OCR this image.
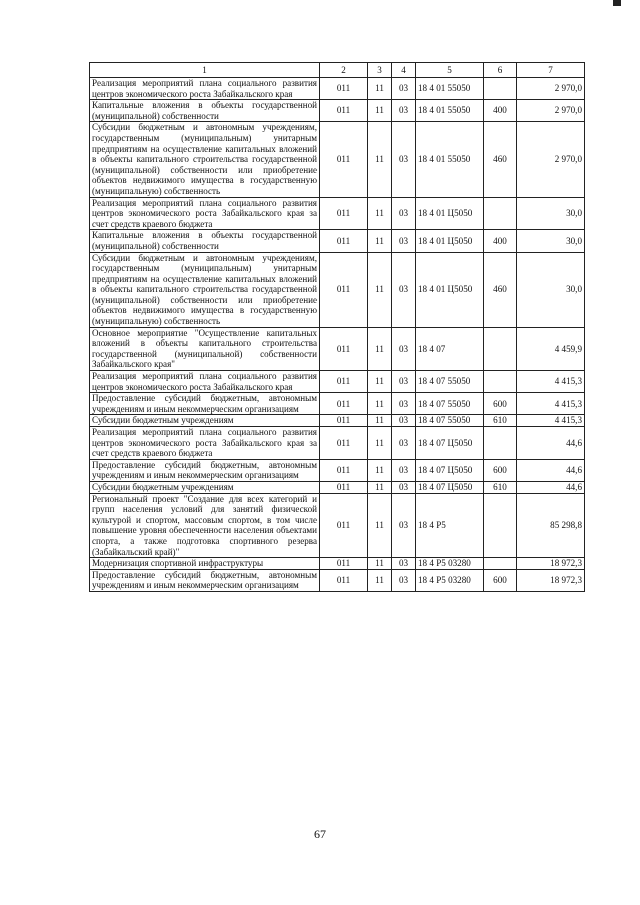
1	2	3	4	5	6	7
Реализация мероприятий плана социального развития центров экономического роста Забайкальского края	011	11	03	18 4 01 55050		2 970,0
Капитальные вложения в объекты государственной (муниципальной) собственности	011	11	03	18 4 01 55050	400	2 970,0
Субсидии бюджетным и автономным учреждениям, государственным (муниципальным) унитарным предприятиям на осуществление капитальных вложений в объекты капитального строительства государственной (муниципальной) собственности или приобретение объектов недвижимого имущества в государственную (муниципальную) собственность	011	11	03	18 4 01 55050	460	2 970,0
Реализация мероприятий плана социального развития центров экономического роста Забайкальского края за счет средств краевого бюджета	011	11	03	18 4 01 Ц5050		30,0
Капитальные вложения в объекты государственной (муниципальной) собственности	011	11	03	18 4 01 Ц5050	400	30,0
Субсидии бюджетным и автономным учреждениям, государственным (муниципальным) унитарным предприятиям на осуществление капитальных вложений в объекты капитального строительства государственной (муниципальной) собственности или приобретение объектов недвижимого имущества в государственную (муниципальную) собственность	011	11	03	18 4 01 Ц5050	460	30,0
Основное мероприятие "Осуществление капитальных вложений в объекты капитального строительства государственной (муниципальной) собственности Забайкальского края"	011	11	03	18 4 07		4 459,9
Реализация мероприятий плана социального развития центров экономического роста Забайкальского края	011	11	03	18 4 07 55050		4 415,3
Предоставление субсидий бюджетным, автономным учреждениям и иным некоммерческим организациям	011	11	03	18 4 07 55050	600	4 415,3
Субсидии бюджетным учреждениям	011	11	03	18 4 07 55050	610	4 415,3
Реализация мероприятий плана социального развития центров экономического роста Забайкальского края за счет средств краевого бюджета	011	11	03	18 4 07 Ц5050		44,6
Предоставление субсидий бюджетным, автономным учреждениям и иным некоммерческим организациям	011	11	03	18 4 07 Ц5050	600	44,6
Субсидии бюджетным учреждениям	011	11	03	18 4 07 Ц5050	610	44,6
Региональный проект "Создание для всех категорий и групп населения условий для занятий физической культурой и спортом, массовым спортом, в том числе повышение уровня обеспеченности населения объектами спорта, а также подготовка спортивного резерва (Забайкальский край)"	011	11	03	18 4 P5		85 298,8
Модернизация спортивной инфраструктуры	011	11	03	18 4 P5 03280		18 972,3
Предоставление субсидий бюджетным, автономным учреждениям и иным некоммерческим организациям	011	11	03	18 4 P5 03280	600	18 972,3
67
